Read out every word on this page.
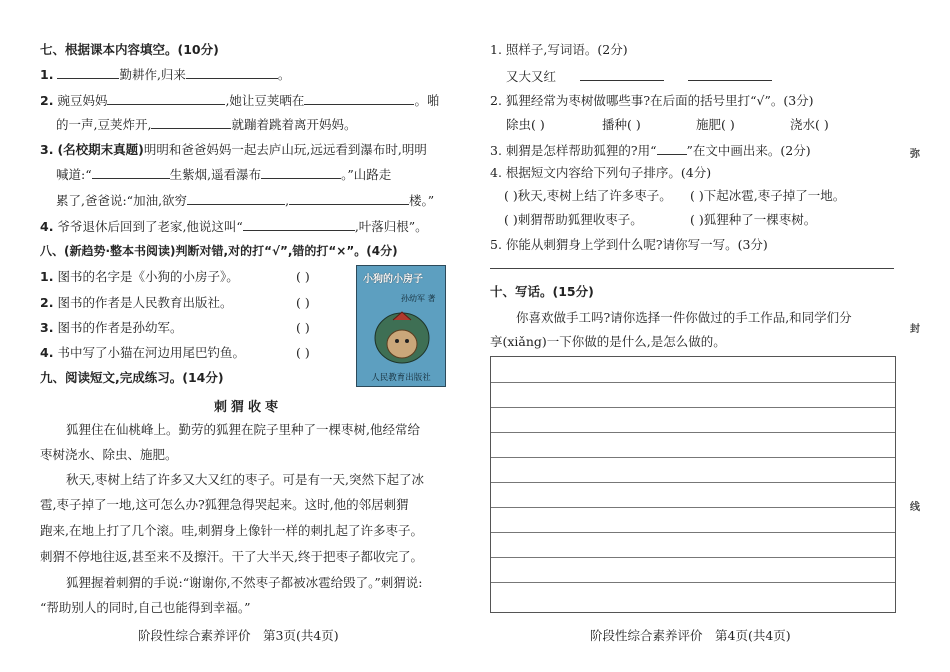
七、根据课本内容填空。(10分)
1.	勤耕作,归来	。
2. 豌豆妈妈	,她让豆荚晒在	。啪
的一声,豆荚炸开,	就蹦着跳着离开妈妈。
3. (名校期末真题)明明和爸爸妈妈一起去庐山玩,远远看到瀑布时,明明
喊道:“	生紫烟,遥看瀑布	。”山路走
累了,爸爸说:“加油,欲穷	,	楼。”
4. 爷爷退休后回到了老家,他说这叫“	,叶落归根”。
八、(新趋势·整本书阅读)判断对错,对的打“√”,错的打“×”。(4分)
1. 图书的名字是《小狗的小房子》。	( )
2. 图书的作者是人民教育出版社。	( )
3. 图书的作者是孙幼军。	( )
4. 书中写了小猫在河边用尾巴钓鱼。	( )
小狗的小房子
孙幼军 著
人民教育出版社
九、阅读短文,完成练习。(14分)
刺猬收枣
狐狸住在仙桃峰上。勤劳的狐狸在院子里种了一棵枣树,他经常给
枣树浇水、除虫、施肥。
秋天,枣树上结了许多又大又红的枣子。可是有一天,突然下起了冰
雹,枣子掉了一地,这可怎么办?狐狸急得哭起来。这时,他的邻居刺猬
跑来,在地上打了几个滚。哇,刺猬身上像针一样的刺扎起了许多枣子。
刺猬不停地往返,甚至来不及擦汗。干了大半天,终于把枣子都收完了。
狐狸握着刺猬的手说:“谢谢你,不然枣子都被冰雹给毁了。”刺猬说:
“帮助别人的同时,自己也能得到幸福。”
阶段性综合素养评价　第3页(共4页)
1. 照样子,写词语。(2分)
又大又红
2. 狐狸经常为枣树做哪些事?在后面的括号里打“√”。(3分)
除虫( )	播种( )	施肥( )	浇水( )
3. 刺猬是怎样帮助狐狸的?用“ ”在文中画出来。(2分)
4. 根据短文内容给下列句子排序。(4分)
( )秋天,枣树上结了许多枣子。 ( )下起冰雹,枣子掉了一地。
( )刺猬帮助狐狸收枣子。	( )狐狸种了一棵枣树。
5. 你能从刺猬身上学到什么呢?请你写一写。(3分)
十、写话。(15分)
你喜欢做手工吗?请你选择一件你做过的手工作品,和同学们分
享(xiǎng)一下你做的是什么,是怎么做的。
阶段性综合素养评价　第4页(共4页)
弥
封
线
